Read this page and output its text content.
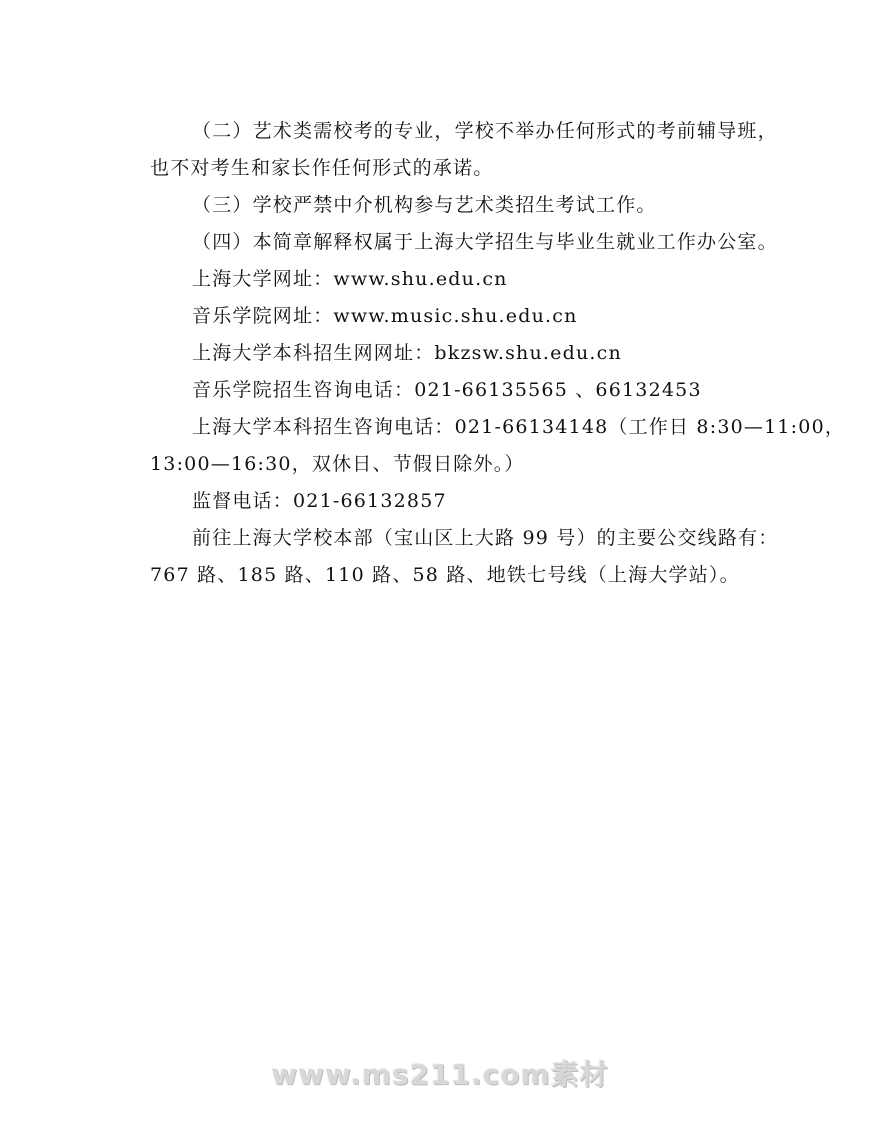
（二）艺术类需校考的专业，学校不举办任何形式的考前辅导班，

也不对考生和家长作任何形式的承诺。

（三）学校严禁中介机构参与艺术类招生考试工作。

（四）本简章解释权属于上海大学招生与毕业生就业工作办公室。

上海大学网址：www.shu.edu.cn

音乐学院网址：www.music.shu.edu.cn

上海大学本科招生网网址：bkzsw.shu.edu.cn

音乐学院招生咨询电话：021-66135565 、66132453

上海大学本科招生咨询电话：021-66134148（工作日 8:30—11:00，

13:00—16:30，双休日、节假日除外。）

监督电话：021-66132857

前往上海大学校本部（宝山区上大路 99 号）的主要公交线路有：

767 路、185 路、110 路、58 路、地铁七号线（上海大学站）。

www.ms211.com素材
